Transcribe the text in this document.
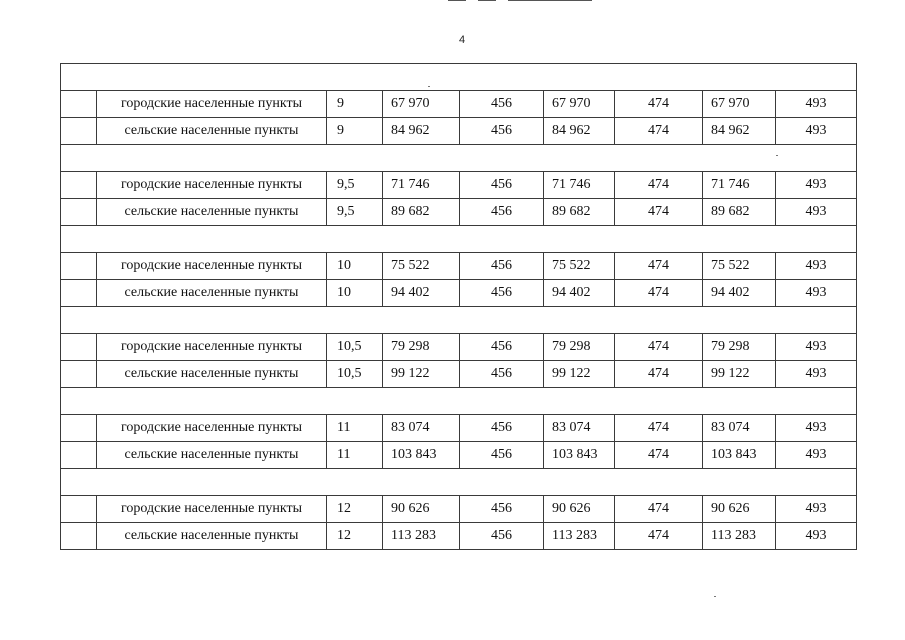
4

	городские населенные пункты	9	67 970	456	67 970	474	67 970	493
	сельские населенные пункты	9	84 962	456	84 962	474	84 962	493

	городские населенные пункты	9,5	71 746	456	71 746	474	71 746	493
	сельские населенные пункты	9,5	89 682	456	89 682	474	89 682	493

	городские населенные пункты	10	75 522	456	75 522	474	75 522	493
	сельские населенные пункты	10	94 402	456	94 402	474	94 402	493

	городские населенные пункты	10,5	79 298	456	79 298	474	79 298	493
	сельские населенные пункты	10,5	99 122	456	99 122	474	99 122	493

	городские населенные пункты	11	83 074	456	83 074	474	83 074	493
	сельские населенные пункты	11	103 843	456	103 843	474	103 843	493

	городские населенные пункты	12	90 626	456	90 626	474	90 626	493
	сельские населенные пункты	12	113 283	456	113 283	474	113 283	493
